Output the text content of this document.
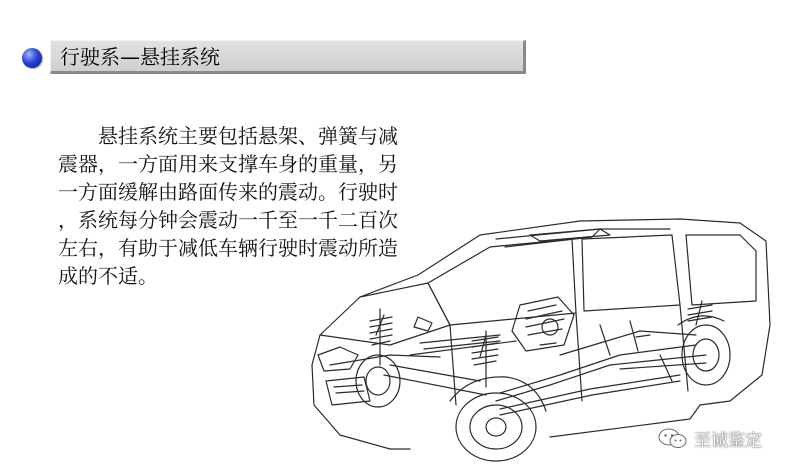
行驶系—悬挂系统
悬挂系统主要包括悬架、弹簧与减
震器，一方面用来支撑车身的重量，另
一方面缓解由路面传来的震动。行驶时
，系统每分钟会震动一千至一千二百次
左右，有助于减低车辆行驶时震动所造
成的不适。
至诚鉴定
